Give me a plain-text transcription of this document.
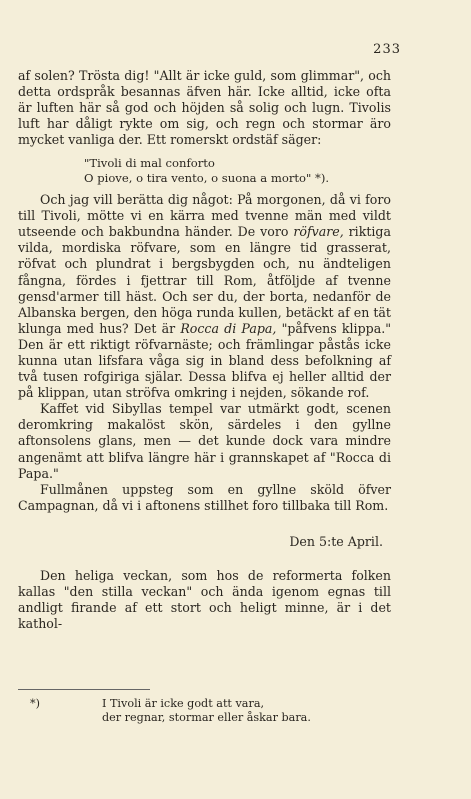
233

af solen? Trösta dig! "Allt är icke guld, som glimmar", och detta ordspråk besannas äfven här. Icke alltid, icke ofta är luften här så god och höjden så solig och lugn. Tivolis luft har dåligt rykte om sig, och regn och stormar äro mycket vanliga der. Ett romerskt ordstäf säger:

"Tivoli di mal conforto
O piove, o tira vento, o suona a morto" *).

Och jag vill berätta dig något: På morgonen, då vi foro till Tivoli, mötte vi en kärra med tvenne män med vildt utseende och bakbundna händer. De voro röfvare, riktiga vilda, mordiska röfvare, som en längre tid grasserat, röfvat och plundrat i bergsbygden och, nu ändteligen fångna, fördes i fjettrar till Rom, åtföljde af tvenne gensd'armer till häst. Och ser du, der borta, nedanför de Albanska bergen, den höga runda kullen, betäckt af en tät klunga med hus? Det är Rocca di Papa, "påfvens klippa." Den är ett riktigt röfvarnäste; och främlingar påstås icke kunna utan lifsfara våga sig in bland dess befolkning af två tusen rofgiriga själar. Dessa blifva ej heller alltid der på klippan, utan ströfva omkring i nejden, sökande rof.

Kaffet vid Sibyllas tempel var utmärkt godt, scenen deromkring makalöst skön, särdeles i den gyllne aftonsolens glans, men — det kunde dock vara mindre angenämt att blifva längre här i grannskapet af "Rocca di Papa."

Fullmånen uppsteg som en gyllne sköld öfver Campagnan, då vi i aftonens stillhet foro tillbaka till Rom.

Den 5:te April.

Den heliga veckan, som hos de reformerta folken kallas "den stilla veckan" och ända igenom egnas till andligt firande af ett stort och heligt minne, är i det kathol-

*)	I Tivoli är icke godt att vara,
der regnar, stormar eller åskar bara.
